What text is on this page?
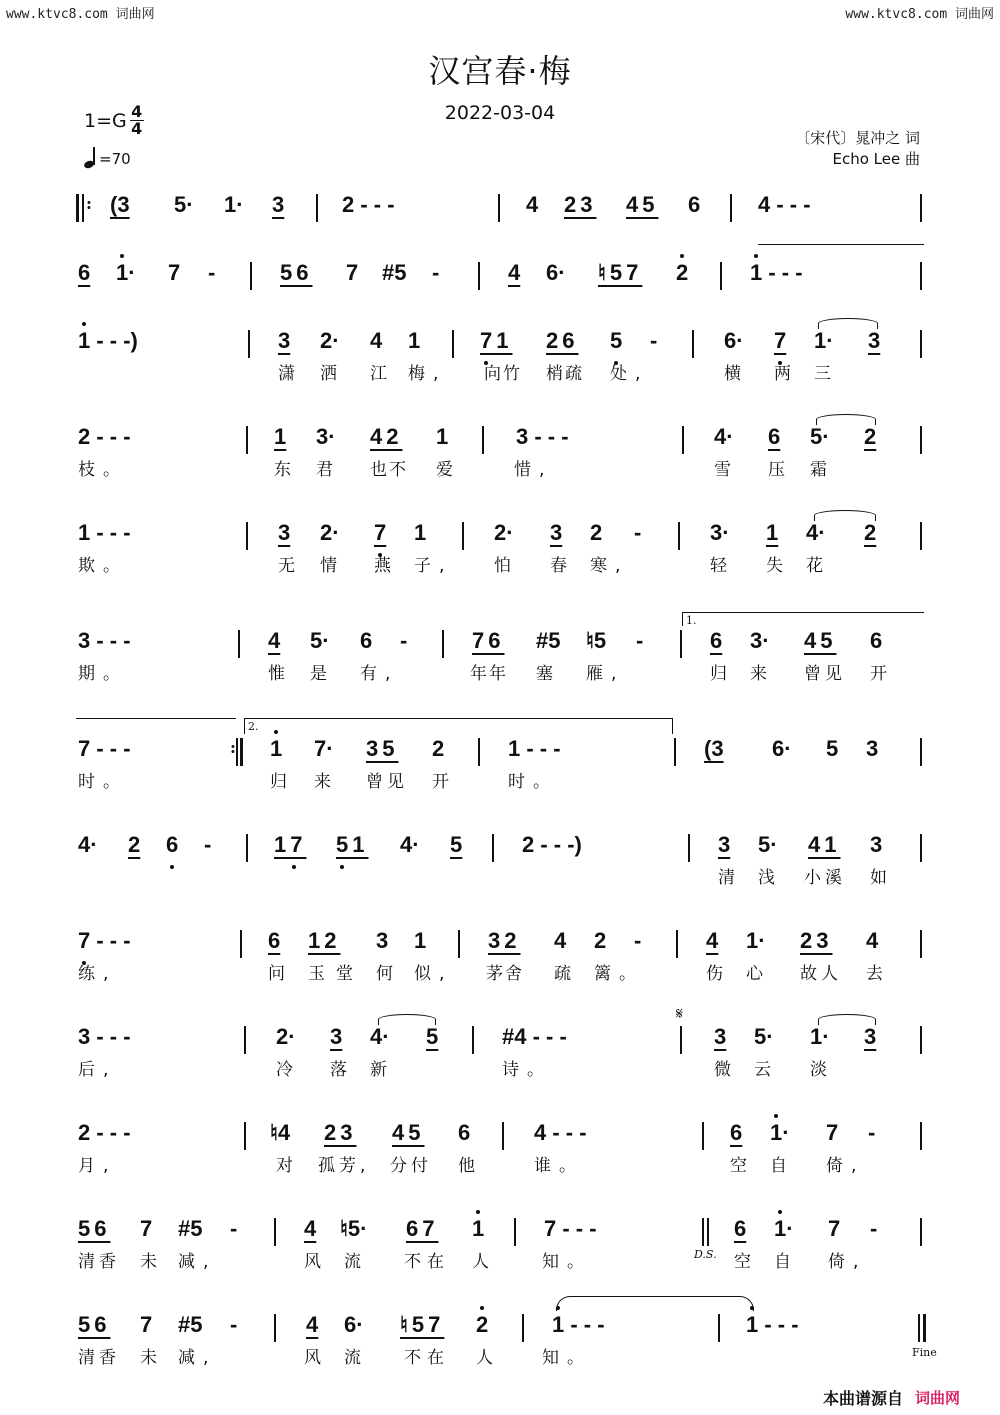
www.ktvc8.com 词曲网	www.ktvc8.com 词曲网
汉宫春·梅
2022-03-04
$1=G \frac{4}{4}$
=70
〔宋代〕晁冲之 词
Echo Lee 曲
: (3 5· 1· 3	2 - - -	4 23 45 6	4 - - -
6 1· 7 -	56 7 #5 -	4 6· ♮57 2	1 - - -
1 - - -)	3 2· 4 1	71 26 5 -	6· 7 1· 3
潇 洒 江 梅, 向竹 梢疏 处,	横 两 三
2 - - -	1 3· 42 1	3 - - -	4· 6 5· 2
枝。	东 君 也不 爱	惜,	雪 压 霜
1 - - -	3 2· 7 1	2· 3 2 -	3· 1 4· 2
欺。	无 情 燕 子, 怕 春 寒,	轻 失 花
3 - - -	4 5· 6 -	76 #5 ♮5 -
1.
6 3· 45 6
期。	惟 是 有,	年年 塞 雁,	归 来 曾见 开
7 - - -	:
2.
1 7· 35 2	1 - - -	(3 6· 5 3
时。	归 来 曾见 开	时。
4· 2 6 -	17 51 4· 5	2 - - -)	3 5· 41 3
清 浅 小溪 如
7 - - -	6 12 3 1	32 4 2 -	4 1· 23 4
练,	问 玉 堂 何 似, 茅舍 疏 篱。	伤 心 故人 去
3 - - -	2· 3 4· 5	#4 - - -
𝄋
3 5· 1· 3
后,	冷 落 新	诗。	微 云 淡
2 - - -	♮4 23 45 6	4 - - -	6 1· 7 -
月,	对 孤芳, 分付 他	谁。	空 自 倚,
56 7 #5 -	4 ♮5· 67 1	7 - - -
D.S.
6 1· 7 -
清香 未 减,	风 流 不在 人	知。	空 自 倚,
56 7 #5 -	4 6· ♮57 2	1 - - -	1 - - -
Fine
清香 未 减,	风 流 不在 人 知。
本曲谱源自 词曲网
